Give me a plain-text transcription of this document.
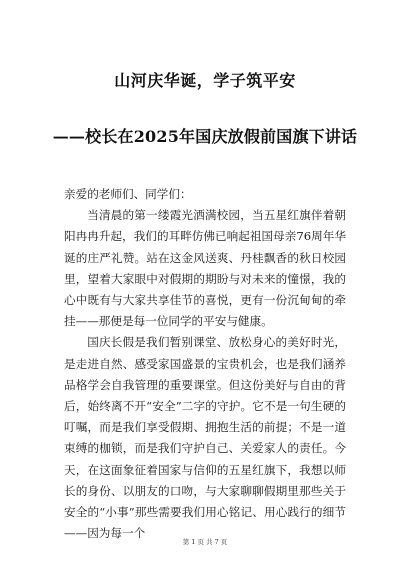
山河庆华诞，学子筑平安
——校长在2025年国庆放假前国旗下讲话

亲爱的老师们、同学们：

当清晨的第一缕霞光洒满校园，当五星红旗伴着朝阳冉冉升起，我们的耳畔仿佛已响起祖国母亲76周年华诞的庄严礼赞。站在这金风送爽、丹桂飘香的秋日校园里，望着大家眼中对假期的期盼与对未来的憧憬，我的心中既有与大家共享佳节的喜悦，更有一份沉甸甸的牵挂——那便是每一位同学的平安与健康。

国庆长假是我们暂别课堂、放松身心的美好时光，是走进自然、感受家国盛景的宝贵机会，也是我们涵养品格学会自我管理的重要课堂。但这份美好与自由的背后，始终离不开“安全”二字的守护。它不是一句生硬的叮嘱，而是我们享受假期、拥抱生活的前提；不是一道束缚的枷锁，而是我们守护自己、关爱家人的责任。今天，在这面象征着国家与信仰的五星红旗下，我想以师长的身份、以朋友的口吻，与大家聊聊假期里那些关于安全的“小事”那些需要我们用心铭记、用心践行的细节——因为每一个

第 1 页 共 7 页
